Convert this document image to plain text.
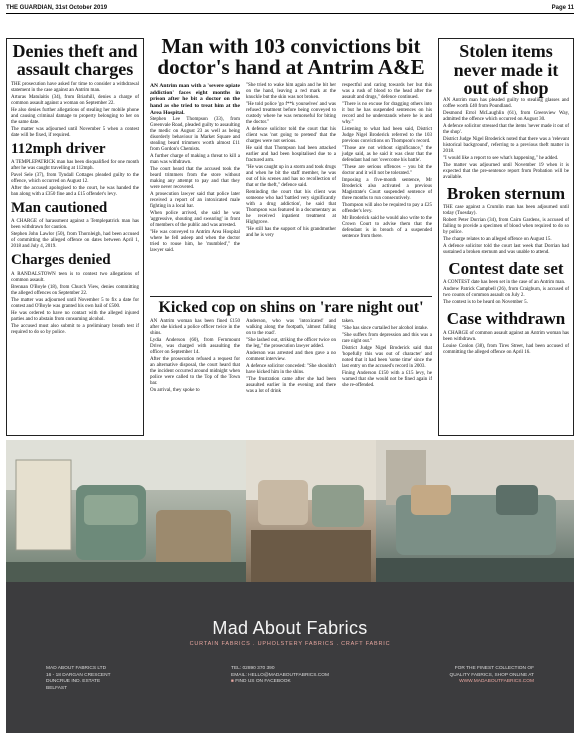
THE GUARDIAN, 31st October 2019	Page 11
Denies theft and assault charges

THE prosecution have asked for time to consider a withdrawal statement in the case against an Antrim man.

Arturas Matulaitis (34), from Briarhill, denies a charge of common assault against a woman on September 22.

He also denies further allegations of stealing her mobile phone and causing criminal damage to property belonging to her on the same date.

The matter was adjourned until November 5 when a contest date will be fixed, if required.

112mph driver

A TEMPLEPATRICK man has been disqualified for one month after he was caught travelling at 112mph.

Pavel Sele (37), from Tyndall Cottages pleaded guilty to the offence, which occurred on August 12.

After the accused apologised to the court, he was handed the ban along with a £350 fine and a £15 offender's levy.

Man cautioned

A CHARGE of harassment against a Templepatrick man has been withdrawn for caution.

Stephen John Lawlor (50), from Thornleigh, had been accused of committing the alleged offence on dates between April 1, 2018 and July 4, 2019.

Charges denied

A RANDALSTOWN teen is to contest two allegations of common assault.

Brennan O'Boyle (18), from Church View, denies committing the alleged offences on September 22.

The matter was adjourned until November 5 to fix a date for contest and O'Boyle was granted his own bail of £500.

He was ordered to have no contact with the alleged injured parties and to abstain from consuming alcohol.

The accused must also submit to a preliminary breath test if required to do so by police.

Man with 103 convictions bit doctor's hand at Antrim A&E

AN Antrim man with a 'severe opiate addiction' faces eight months in prison after he bit a doctor on the hand as she tried to treat him at the Area Hospital.

Stephen Lee Thompson (33), from Greenvale Road, pleaded guilty to assaulting the medic on August 23 as well as being disorderly behaviour in Market Square and stealing beard trimmers worth almost £11 from Gordon's Chemists.

A further charge of making a threat to kill a man was withdrawn.

The court heard that the accused took the beard trimmers from the store without making any attempt to pay and that they were never recovered.

A prosecution lawyer said that police later received a report of an intoxicated male fighting in a local bar.

When police arrived, she said he was 'aggressive, shouting and swearing' in front of members of the public and was arrested.

"He was conveyed to Antrim Area Hospital where he fell asleep and when the doctor tried to rouse him, he 'mumbled'," the lawyer said.

"She tried to wake him again and he bit her on the hand, leaving a red mark at the knuckle but the skin was not broken.

"He told police 'go f**k yourselves' and was refused treatment before being conveyed to custody where he was remorseful for biting the doctor."

A defence solicitor told the court that his client was 'not going to pretend' that the charges were not serious.

He said that Thompson had been attacked earlier and had been hospitalised due to a fractured arm.

"He was caught up in a storm and took drugs and when he bit the staff member, he was out of his scenes and has no recollection of that or the theft," defence said.

Reminding the court that his client was someone who had 'battled very significantly with a drug addiction', he said that Thompson was featured in a documentary as he received inpatient treatment at Highgrove.

"He still has the support of his grandmother and he is very

respectful and caring towards her but this was a rush of blood to the head after the assault and drugs," defence continued.

"There is no excuse for dragging others into it but he has suspended sentences on his record and he understands where he is and why."

Listening to what had been said, District Judge Nigel Broderick referred to the 103 previous convictions on Thompson's record.

"Those are not without significance," the judge said, as he said it was clear that the defendant had not 'overcome his battle'.

"These are serious offences – you bit the doctor and it will not be tolerated."

Imposing a five-month sentence, Mr Broderick also activated a previous Magistrate's Court suspended sentence of three months to run consecutively.

Thompson will also be required to pay a £25 offender's levy.

Mr Broderick said he would also write to the Crown Court to advise them that the defendant is in breach of a suspended sentence from there.

Kicked cop on shins on 'rare night out'

AN Antrim woman has been fined £150 after she kicked a police officer twice in the shins.

Lydia Anderson (60), from Fernmount Drive, was charged with assaulting the officer on September 14.

After the prosecution refused a request for an alternative disposal, the court heard that the incident occurred around midnight when police were called to the Top of the Town bar.

On arrival, they spoke to

Anderson, who was 'intoxicated' and walking along the footpath, 'almost falling on to the road'.

"She lashed out, striking the officer twice on the leg," the prosecution lawyer added.

Anderson was arrested and then gave a no comment interview.

A defence solicitor conceded: "She shouldn't have kicked him in the shins.

"The frustration came after she had been assaulted earlier in the evening and there was a lot of drink

taken.

"She has since curtailed her alcohol intake.

"She suffers from depression and this was a rare night out."

District Judge Nigel Broderick said that 'hopefully this was out of character' and noted that it had been 'some time' since the last entry on the accused's record in 2003.

Fining Anderson £150 with a £15 levy, he warned that she would not be fined again if she re-offended.

Stolen items never made it out of shop

AN Antrim man has pleaded guilty to stealing glasses and coffee worth £40 from Poundland.

Desmond Errol McLaughlin (61), from Greenview Way, admitted the offence which occurred on August 30.

A defence solicitor stressed that the items 'never made it out of the shop'.

District Judge Nigel Broderick noted that there was a 'relevant historical background', referring to a previous theft matter in 2018.

"I would like a report to see what's happening," he added.

The matter was adjourned until November 19 when it is expected that the pre-sentence report from Probation will be available.

Broken sternum

THE case against a Crumlin man has been adjourned until today (Tuesday).

Robert Peter Dorrian (34), from Cairn Gardens, is accused of failing to provide a specimen of blood when required to do so by police.

The charge relates to an alleged offence on August 15.

A defence solicitor told the court last week that Dorrian had sustained a broken sternum and was unable to attend.

Contest date set

A CONTEST date has been set in the case of an Antrim man.

Andrew Patrick Campbell (26), from Craigburn, is accused of two counts of common assault on July 2.

The contest is to be heard on November 5.

Case withdrawn

A CHARGE of common assault against an Antrim woman has been withdrawn.

Louise Conlon (38), from Tires Street, had been accused of committing the alleged offence on April 16.

Mad About Fabrics
CURTAIN FABRICS . UPHOLSTERY FABRICS . CRAFT FABRIC
MAD ABOUT FABRICS LTD
16 - 18 DARGAN CRESCENT
DUNCRUE IND. ESTATE
BELFAST
TEL: 02890 370 390
EMAIL: HELLO@MADABOUTFABRICS.COM
■ FIND US ON FACEBOOK
FOR THE FINEST COLLECTION OF
QUALITY FABRICS, SHOP ONLINE AT
WWW.MADABOUTFABRICS.COM
